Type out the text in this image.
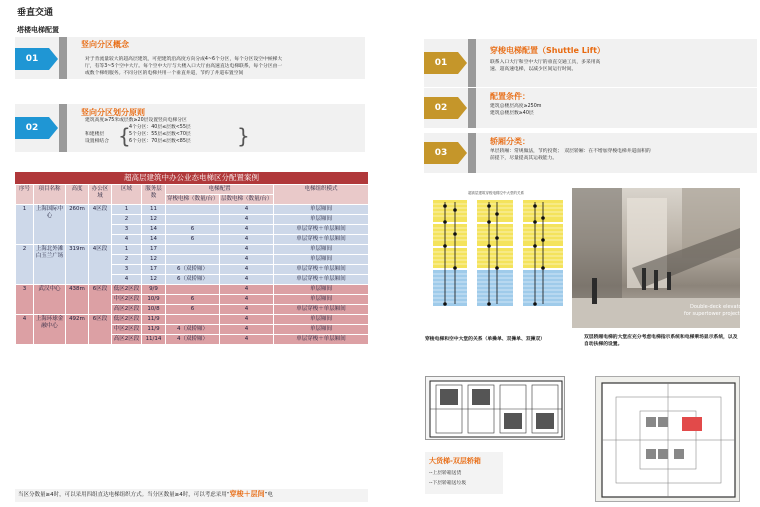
垂直交通
塔楼电梯配置
01
竖向分区概念
对于肯流量较大的超高层建筑，可把建筑沿高度方向分成4~6个分区，每个分区设空中候梯大
厅，有等3~5个空中大厅。每个空中大厅与大楼入口大厅由高速直达电梯联系，每个分区由一
或数个梯组服务。不同分区的电梯共用一个垂直井道，节约了井道布置空间
02
竖向分区划分原则
建筑高度≥75米或层数≥20层设置竖向电梯分区
和建楼层
设置相结合 {
4个分区：40层≤层数<55层
5个分区：55层≤层数<70层
6个分区：70层≤层数<85层	}
超高层建筑中办公业态电梯区分配置案例
序号	项目名称	高度	办公区域	区域	服务层数	电梯配置		电梯组织模式
						穿梭电梯（数量/台）	层数电梯（数量/台）	
1	上海国际中心	260m	4区段	1	11		4	单层厢间
				2	12		4	单层厢间
				3	14	6	4	单层穿梭＋单层厢间
				4	14	6	4	单层穿梭＋单层厢间
2	上海北外滩白玉兰广场	319m	4区段	1	17		4	单层厢间
				2	12		4	单层厢间
				3	17	6（双轿厢）	4	单层穿梭＋单层厢间
				4	12	6（双轿厢）	4	单层穿梭＋单层厢间
3	武汉中心	438m	6区段	低区2区段	9/9		4	单层厢间
				中区2区段	10/9	6	4	单层厢间
				高区2区段	10/8	6	4	单层穿梭＋单层厢间
4	上海环球金融中心	492m	6区段	低区2区段	11/9		4	单层厢间
				中区2区段	11/9	4（双轿厢）	4	单层厢间
				高区2区段	11/14	4（双轿厢）	4	单层穿梭＋单层厢间
当区分数量≥4时，可以采用四组直达电梯组织方式。当分区数量≥4时，可以考虑采用“穿梭＋层间”电
01
穿梭电梯配置（Shuttle Lift）
联系入口大厅和空中大厅的垂直交通工具，多采用高
速、超高速电梯，以减少区间运行时间。
02
配置条件：
建筑总楼层高度≥250m
建筑总楼层数≥40层
03
轿厢分类：
单层轿厢：常规做法，节约投资；　双层轿厢：在不增加穿梭电梯井道面积的
前提下，尽量提高其运载能力。
超高层建筑穿梭电梯空中大堂的关系
Double-deck elevators
for supertower projects.
穿梭电梯和空中大堂的关系（单操单、双操单、双操双）	双层轿厢电梯的大堂应充分考虑电梯指示系统和电梯乘场显示系统，以及自动扶梯的设置。
大货梯-双层轿箱
--上层轿箱送货
--下层轿箱送垃圾
